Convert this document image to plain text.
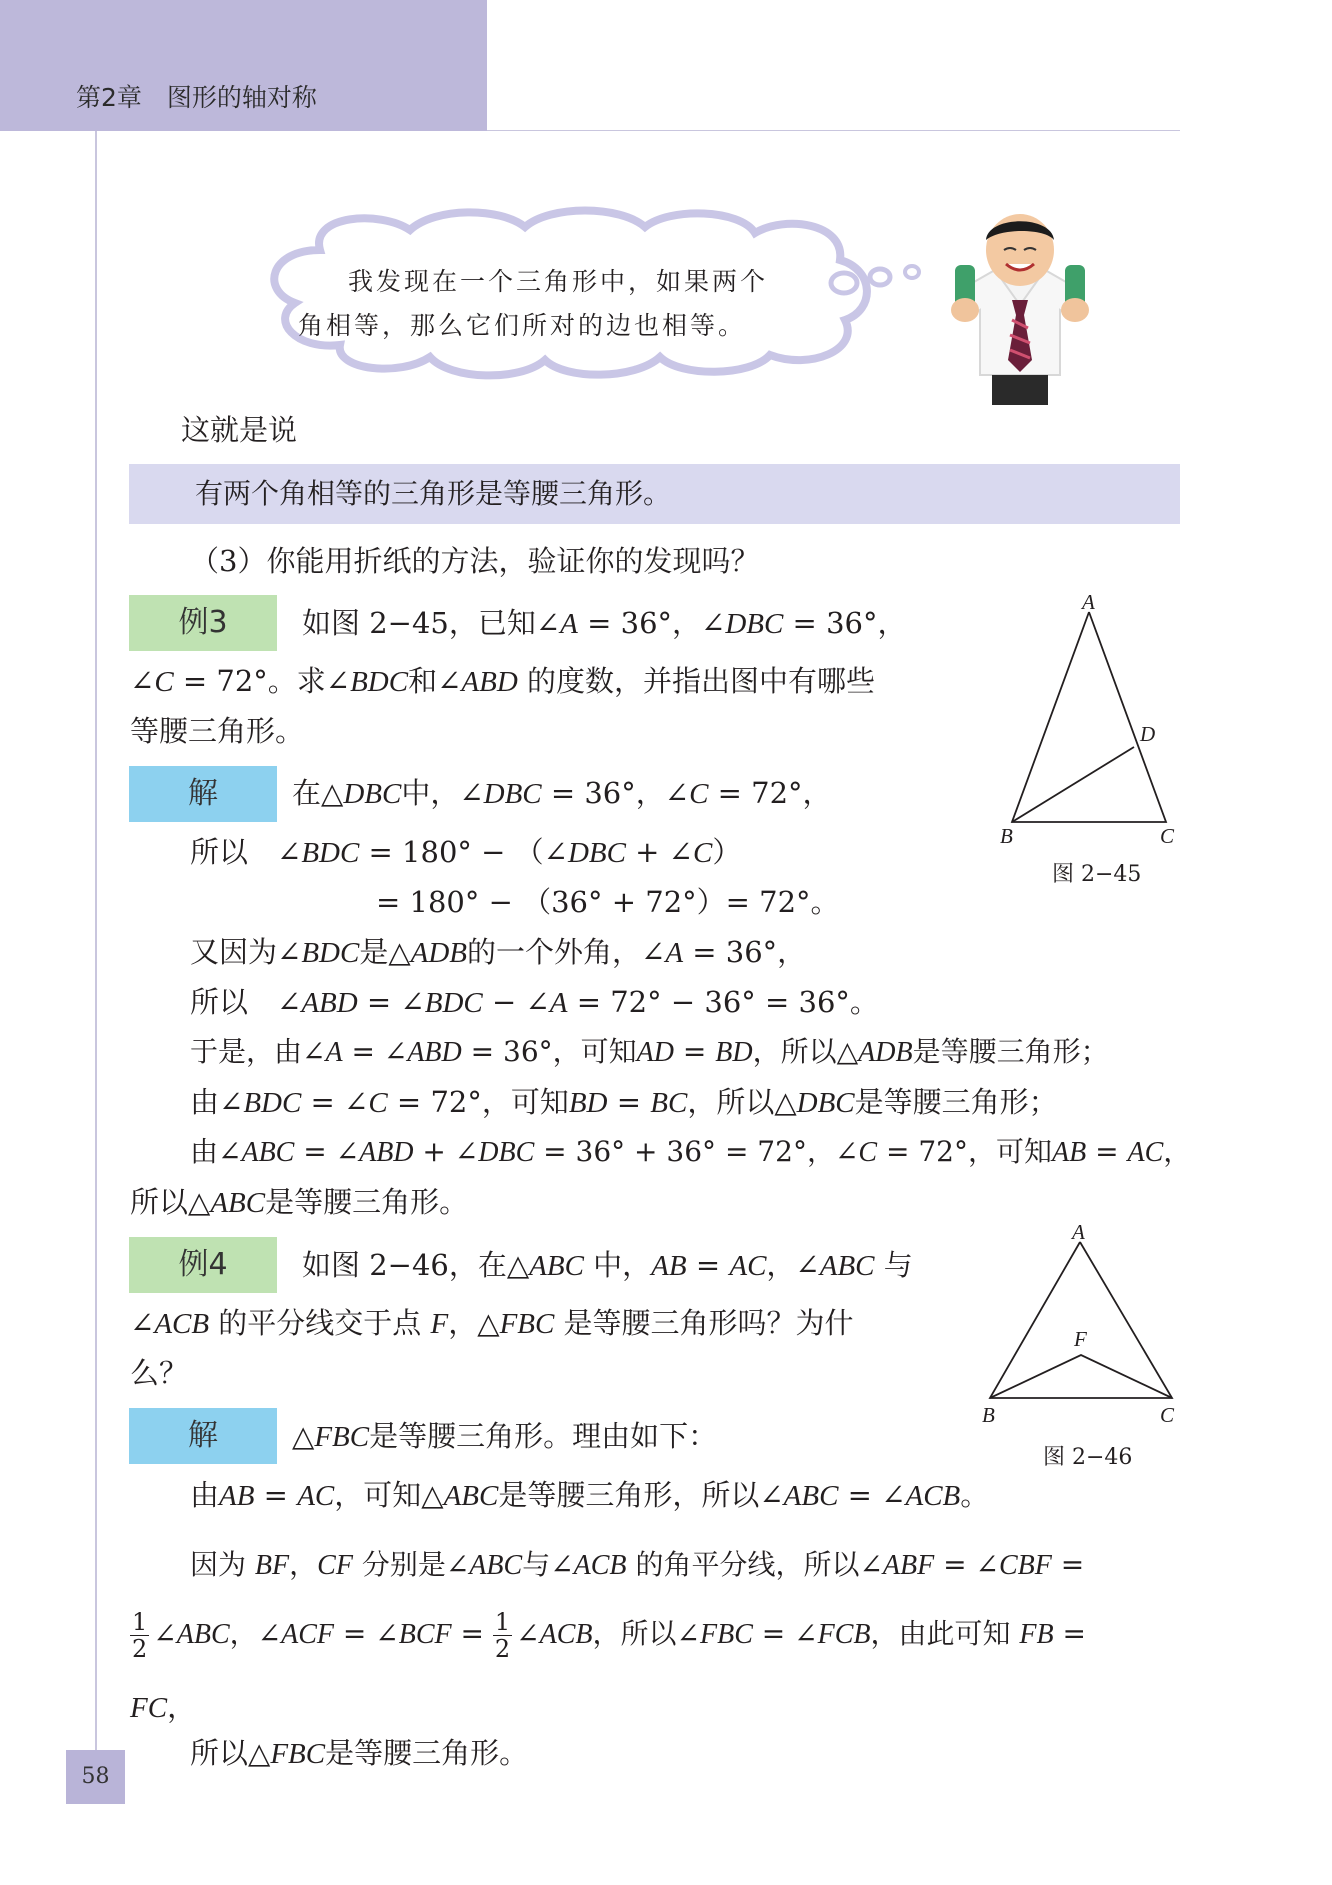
第2章　图形的轴对称
我发现在一个三角形中，如果两个
角相等，那么它们所对的边也相等。
这就是说
有两个角相等的三角形是等腰三角形。
（3）你能用折纸的方法，验证你的发现吗？
例3	如图 2−45，已知∠A = 36°，∠DBC = 36°，
∠C = 72°。求∠BDC和∠ABD 的度数，并指出图中有哪些
等腰三角形。
A
D
B	C
图 2−45
解	在△DBC中，∠DBC = 36°，∠C = 72°，
所以　∠BDC = 180° − （∠DBC + ∠C）
= 180° − （36° + 72°）= 72°。
又因为∠BDC是△ADB的一个外角，∠A = 36°，
所以　∠ABD = ∠BDC − ∠A = 72° − 36° = 36°。
于是，由∠A = ∠ABD = 36°，可知AD = BD，所以△ADB是等腰三角形；
由∠BDC = ∠C = 72°，可知BD = BC，所以△DBC是等腰三角形；
由∠ABC = ∠ABD + ∠DBC = 36° + 36° = 72°，∠C = 72°，可知AB = AC，
所以△ABC是等腰三角形。
例4	如图 2−46，在△ABC 中，AB = AC，∠ABC 与
∠ACB 的平分线交于点 F，△FBC 是等腰三角形吗？为什
么？
A
F
B	C
图 2−46
解	△FBC是等腰三角形。理由如下：
由AB = AC，可知△ABC是等腰三角形，所以∠ABC = ∠ACB。
因为 BF，CF 分别是∠ABC与∠ACB 的角平分线，所以∠ABF = ∠CBF =
$\frac{1}{2}$ ∠ABC，∠ACF = ∠BCF = $\frac{1}{2}$ ∠ACB，所以∠FBC = ∠FCB，由此可知 FB =
FC，
所以△FBC是等腰三角形。
58
